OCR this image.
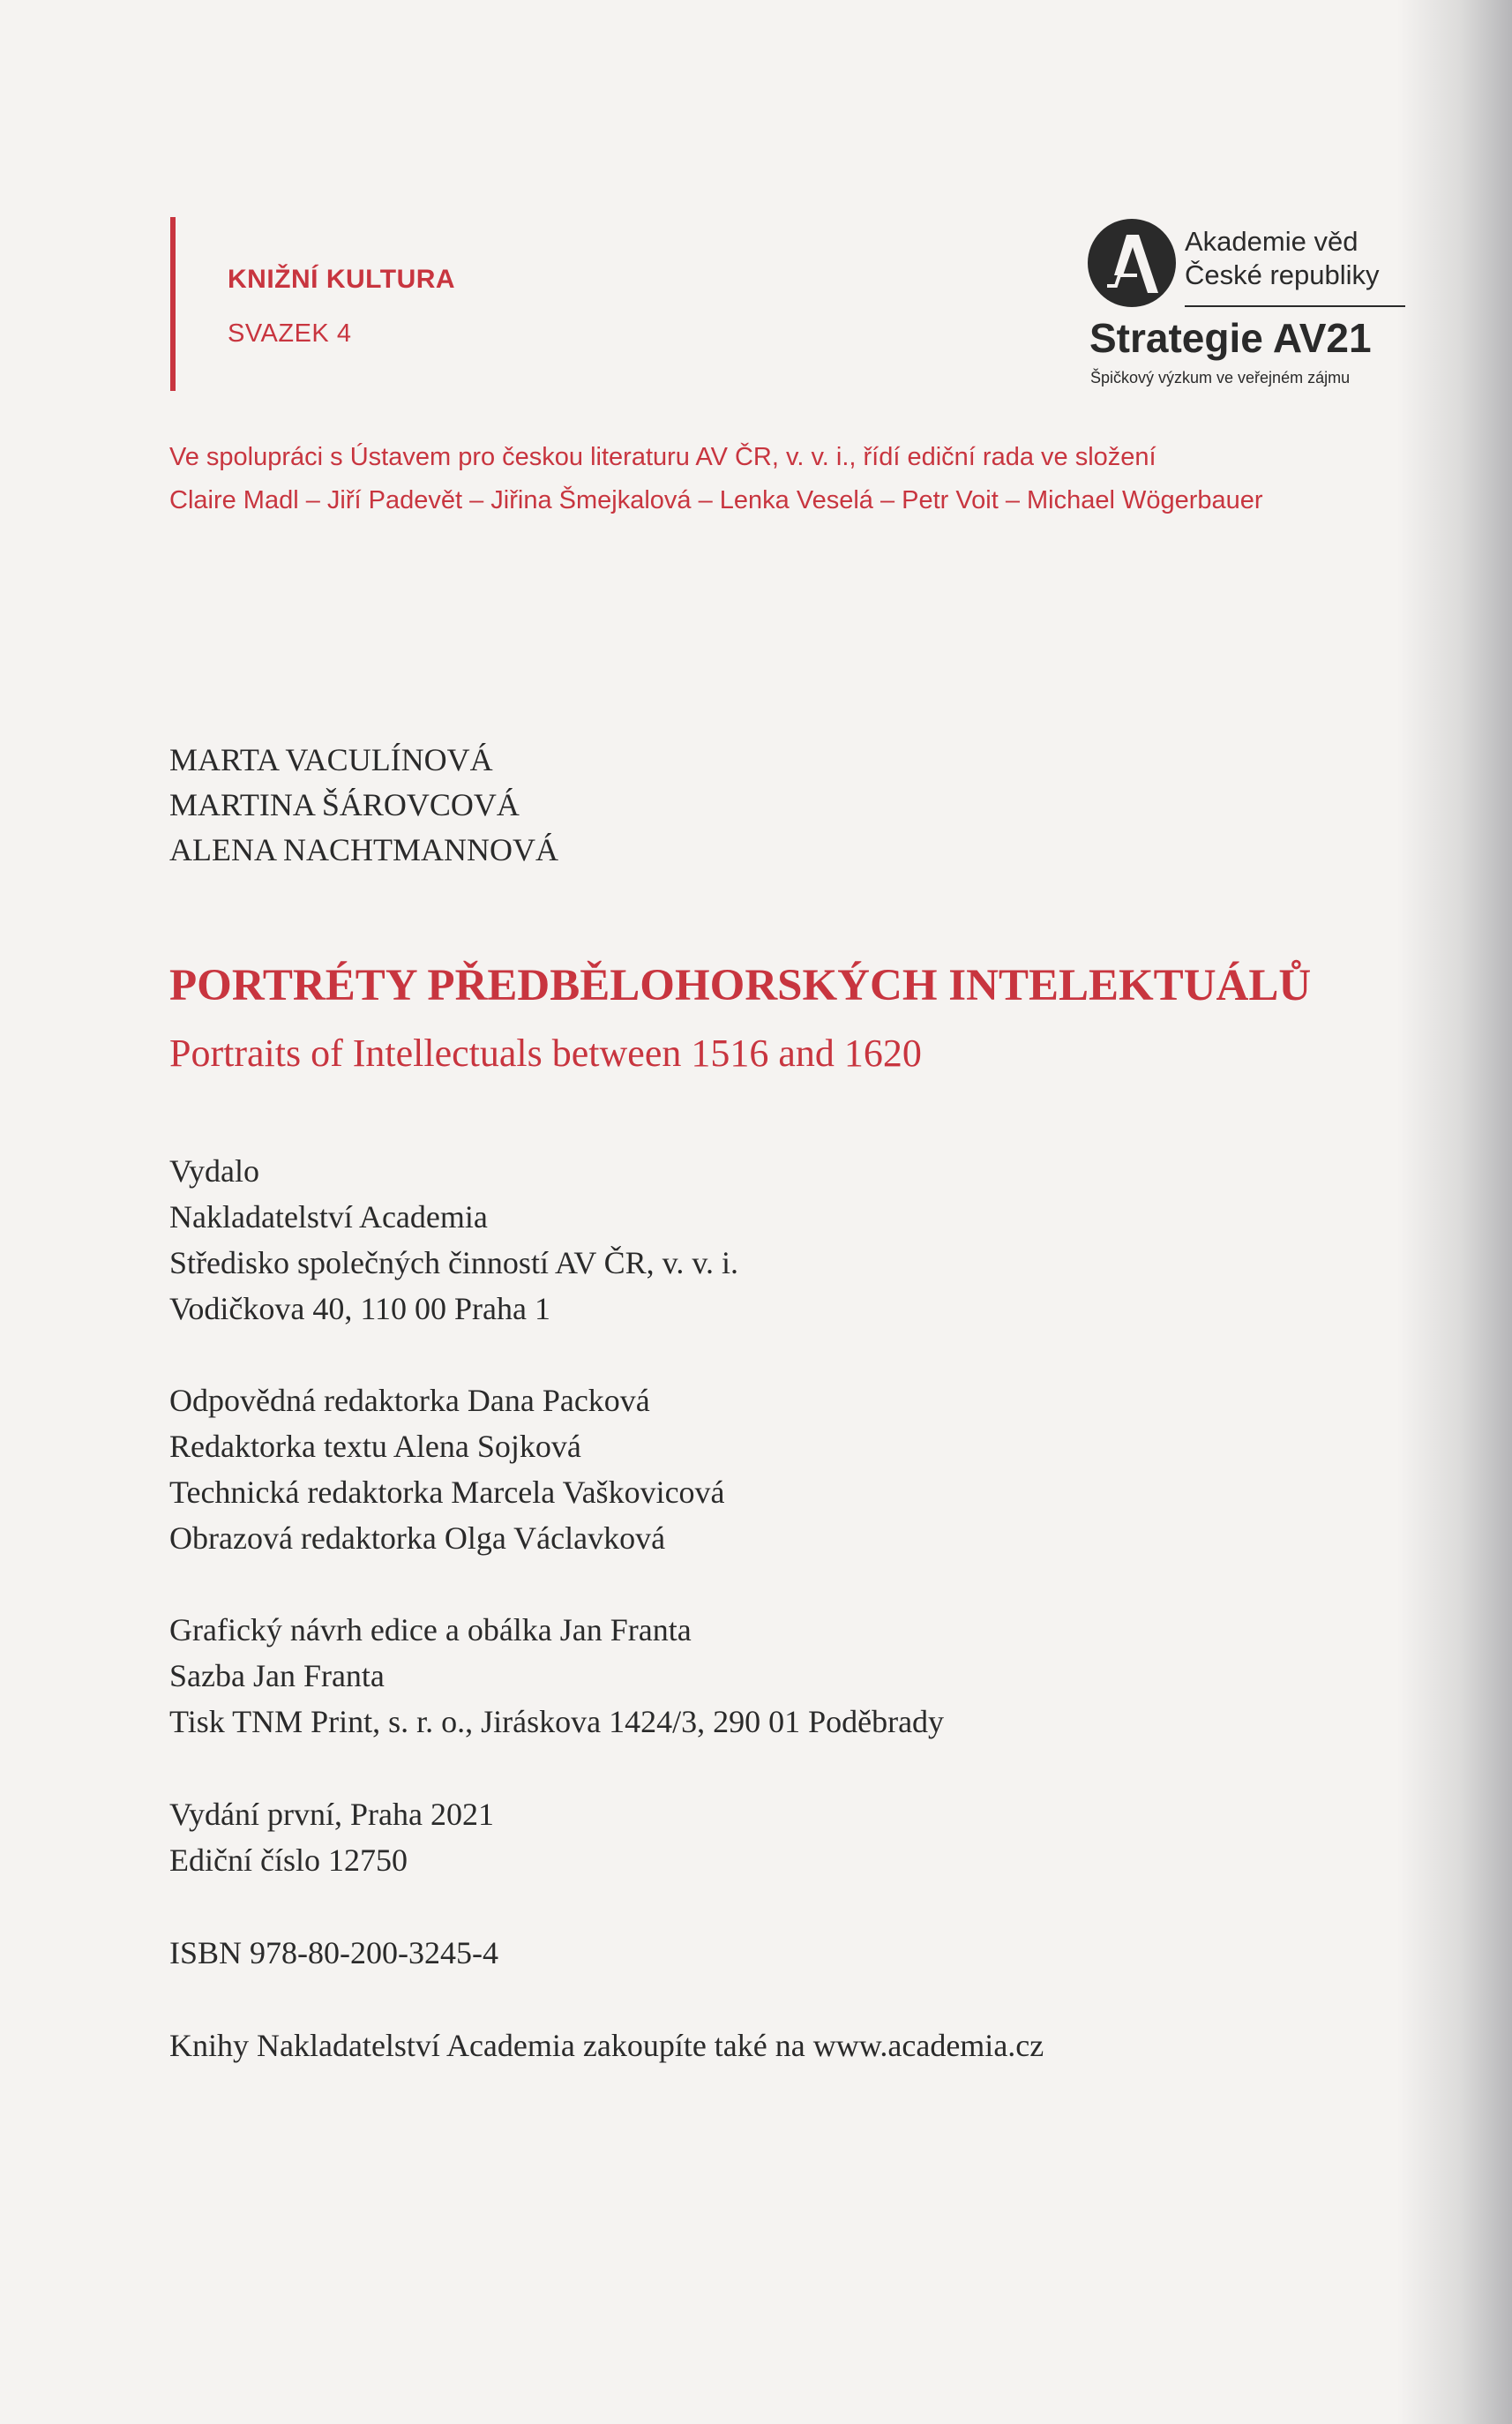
KNIŽNÍ KULTURA
SVAZEK 4
Akademie věd
České republiky
Strategie AV21
Špičkový výzkum ve veřejném zájmu
Ve spolupráci s Ústavem pro českou literaturu AV ČR, v. v. i., řídí ediční rada ve složení
Claire Madl – Jiří Padevět – Jiřina Šmejkalová – Lenka Veselá – Petr Voit – Michael Wögerbauer
MARTA VACULÍNOVÁ
MARTINA ŠÁROVCOVÁ
ALENA NACHTMANNOVÁ
PORTRÉTY PŘEDBĚLOHORSKÝCH INTELEKTUÁLŮ
Portraits of Intellectuals between 1516 and 1620
Vydalo
Nakladatelství Academia
Středisko společných činností AV ČR, v. v. i.
Vodičkova 40, 110 00 Praha 1
Odpovědná redaktorka Dana Packová
Redaktorka textu Alena Sojková
Technická redaktorka Marcela Vaškovicová
Obrazová redaktorka Olga Václavková
Grafický návrh edice a obálka Jan Franta
Sazba Jan Franta
Tisk TNM Print, s. r. o., Jiráskova 1424/3, 290 01 Poděbrady
Vydání první, Praha 2021
Ediční číslo 12750
ISBN 978-80-200-3245-4
Knihy Nakladatelství Academia zakoupíte také na www.academia.cz
